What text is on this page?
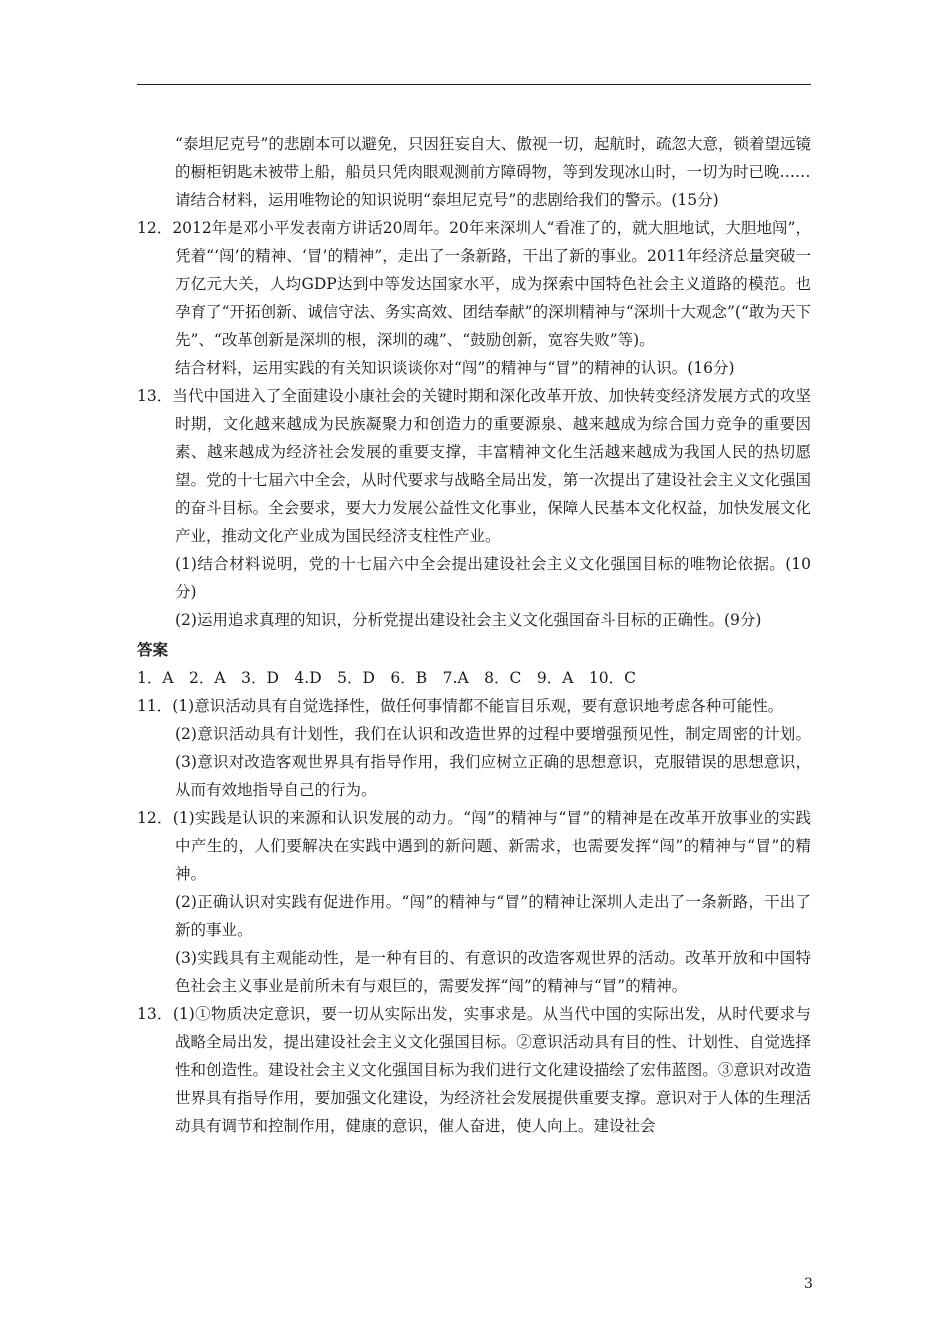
“泰坦尼克号”的悲剧本可以避免，只因狂妄自大、傲视一切，起航时，疏忽大意，锁着望远镜的橱柜钥匙未被带上船，船员只凭肉眼观测前方障碍物，等到发现冰山时，一切为时已晚……

请结合材料，运用唯物论的知识说明“泰坦尼克号”的悲剧给我们的警示。(15分)

12．2012年是邓小平发表南方讲话20周年。20年来深圳人“看准了的，就大胆地试，大胆地闯”，凭着“‘闯’的精神、‘冒’的精神”，走出了一条新路，干出了新的事业。2011年经济总量突破一万亿元大关，人均GDP达到中等发达国家水平，成为探索中国特色社会主义道路的模范。也孕育了“开拓创新、诚信守法、务实高效、团结奉献”的深圳精神与“深圳十大观念”(“敢为天下先”、“改革创新是深圳的根，深圳的魂”、“鼓励创新，宽容失败”等)。

结合材料，运用实践的有关知识谈谈你对“闯”的精神与“冒”的精神的认识。(16分)

13．当代中国进入了全面建设小康社会的关键时期和深化改革开放、加快转变经济发展方式的攻坚时期，文化越来越成为民族凝聚力和创造力的重要源泉、越来越成为综合国力竞争的重要因素、越来越成为经济社会发展的重要支撑，丰富精神文化生活越来越成为我国人民的热切愿望。党的十七届六中全会，从时代要求与战略全局出发，第一次提出了建设社会主义文化强国的奋斗目标。全会要求，要大力发展公益性文化事业，保障人民基本文化权益，加快发展文化产业，推动文化产业成为国民经济支柱性产业。

(1)结合材料说明，党的十七届六中全会提出建设社会主义文化强国目标的唯物论依据。(10分)

(2)运用追求真理的知识，分析党提出建设社会主义文化强国奋斗目标的正确性。(9分)

答案

1．A　2．A　3．D　4.D　5．D　6．B　7.A　8．C　9．A　10．C

11．(1)意识活动具有自觉选择性，做任何事情都不能盲目乐观，要有意识地考虑各种可能性。

(2)意识活动具有计划性，我们在认识和改造世界的过程中要增强预见性，制定周密的计划。(3)意识对改造客观世界具有指导作用，我们应树立正确的思想意识，克服错误的思想意识，从而有效地指导自己的行为。

12．(1)实践是认识的来源和认识发展的动力。“闯”的精神与“冒”的精神是在改革开放事业的实践中产生的，人们要解决在实践中遇到的新问题、新需求，也需要发挥“闯”的精神与“冒”的精神。

(2)正确认识对实践有促进作用。“闯”的精神与“冒”的精神让深圳人走出了一条新路，干出了新的事业。

(3)实践具有主观能动性，是一种有目的、有意识的改造客观世界的活动。改革开放和中国特色社会主义事业是前所未有与艰巨的，需要发挥“闯”的精神与“冒”的精神。

13．(1)①物质决定意识，要一切从实际出发，实事求是。从当代中国的实际出发，从时代要求与战略全局出发，提出建设社会主义文化强国目标。②意识活动具有目的性、计划性、自觉选择性和创造性。建设社会主义文化强国目标为我们进行文化建设描绘了宏伟蓝图。③意识对改造世界具有指导作用，要加强文化建设，为经济社会发展提供重要支撑。意识对于人体的生理活动具有调节和控制作用，健康的意识，催人奋进，使人向上。建设社会

3
